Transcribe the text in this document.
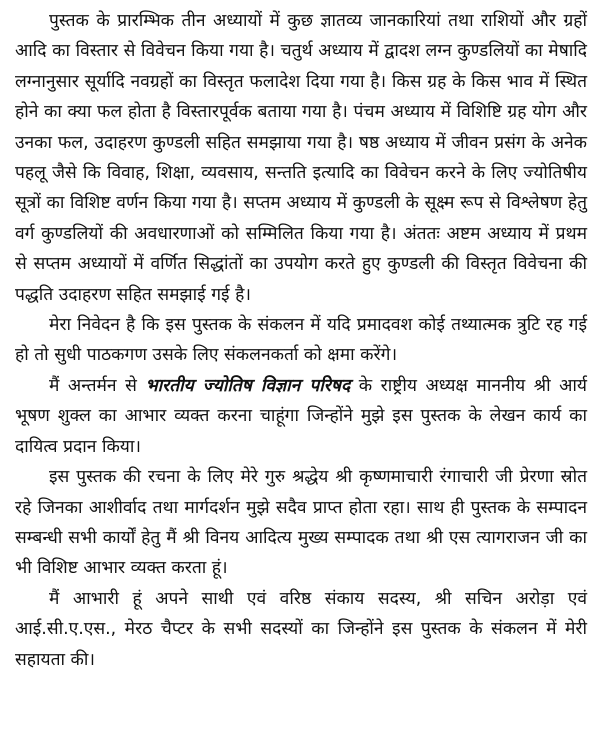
पुस्तक के प्रारम्भिक तीन अध्यायों में कुछ ज्ञातव्य जानकारियां तथा राशियों और ग्रहों आदि का विस्तार से विवेचन किया गया है। चतुर्थ अध्याय में द्वादश लग्न कुण्डलियों का मेषादि लग्नानुसार सूर्यादि नवग्रहों का विस्तृत फलादेश दिया गया है। किस ग्रह के किस भाव में स्थित होने का क्या फल होता है विस्तारपूर्वक बताया गया है। पंचम अध्याय में विशिष्टि ग्रह योग और उनका फल, उदाहरण कुण्डली सहित समझाया गया है। षष्ठ अध्याय में जीवन प्रसंग के अनेक पहलू जैसे कि विवाह, शिक्षा, व्यवसाय, सन्तति इत्यादि का विवेचन करने के लिए ज्योतिषीय सूत्रों का विशिष्ट वर्णन किया गया है। सप्तम अध्याय में कुण्डली के सूक्ष्म रूप से विश्लेषण हेतु वर्ग कुण्डलियों की अवधारणाओं को सम्मिलित किया गया है। अंततः अष्टम अध्याय में प्रथम से सप्तम अध्यायों में वर्णित सिद्धांतों का उपयोग करते हुए कुण्डली की विस्तृत विवेचना की पद्धति उदाहरण सहित समझाई गई है।

मेरा निवेदन है कि इस पुस्तक के संकलन में यदि प्रमादवश कोई तथ्यात्मक त्रुटि रह गई हो तो सुधी पाठकगण उसके लिए संकलनकर्ता को क्षमा करेंगे।

मैं अन्तर्मन से भारतीय ज्योतिष विज्ञान परिषद के राष्ट्रीय अध्यक्ष माननीय श्री आर्य भूषण शुक्ल का आभार व्यक्त करना चाहूंगा जिन्होंने मुझे इस पुस्तक के लेखन कार्य का दायित्व प्रदान किया।

इस पुस्तक की रचना के लिए मेरे गुरु श्रद्धेय श्री कृष्णमाचारी रंगाचारी जी प्रेरणा स्रोत रहे जिनका आशीर्वाद तथा मार्गदर्शन मुझे सदैव प्राप्त होता रहा। साथ ही पुस्तक के सम्पादन सम्बन्धी सभी कार्यों हेतु मैं श्री विनय आदित्य मुख्य सम्पादक तथा श्री एस त्यागराजन जी का भी विशिष्ट आभार व्यक्त करता हूं।

मैं आभारी हूं अपने साथी एवं वरिष्ठ संकाय सदस्य, श्री सचिन अरोड़ा एवं आई.सी.ए.एस., मेरठ चैप्टर के सभी सदस्यों का जिन्होंने इस पुस्तक के संकलन में मेरी सहायता की।
